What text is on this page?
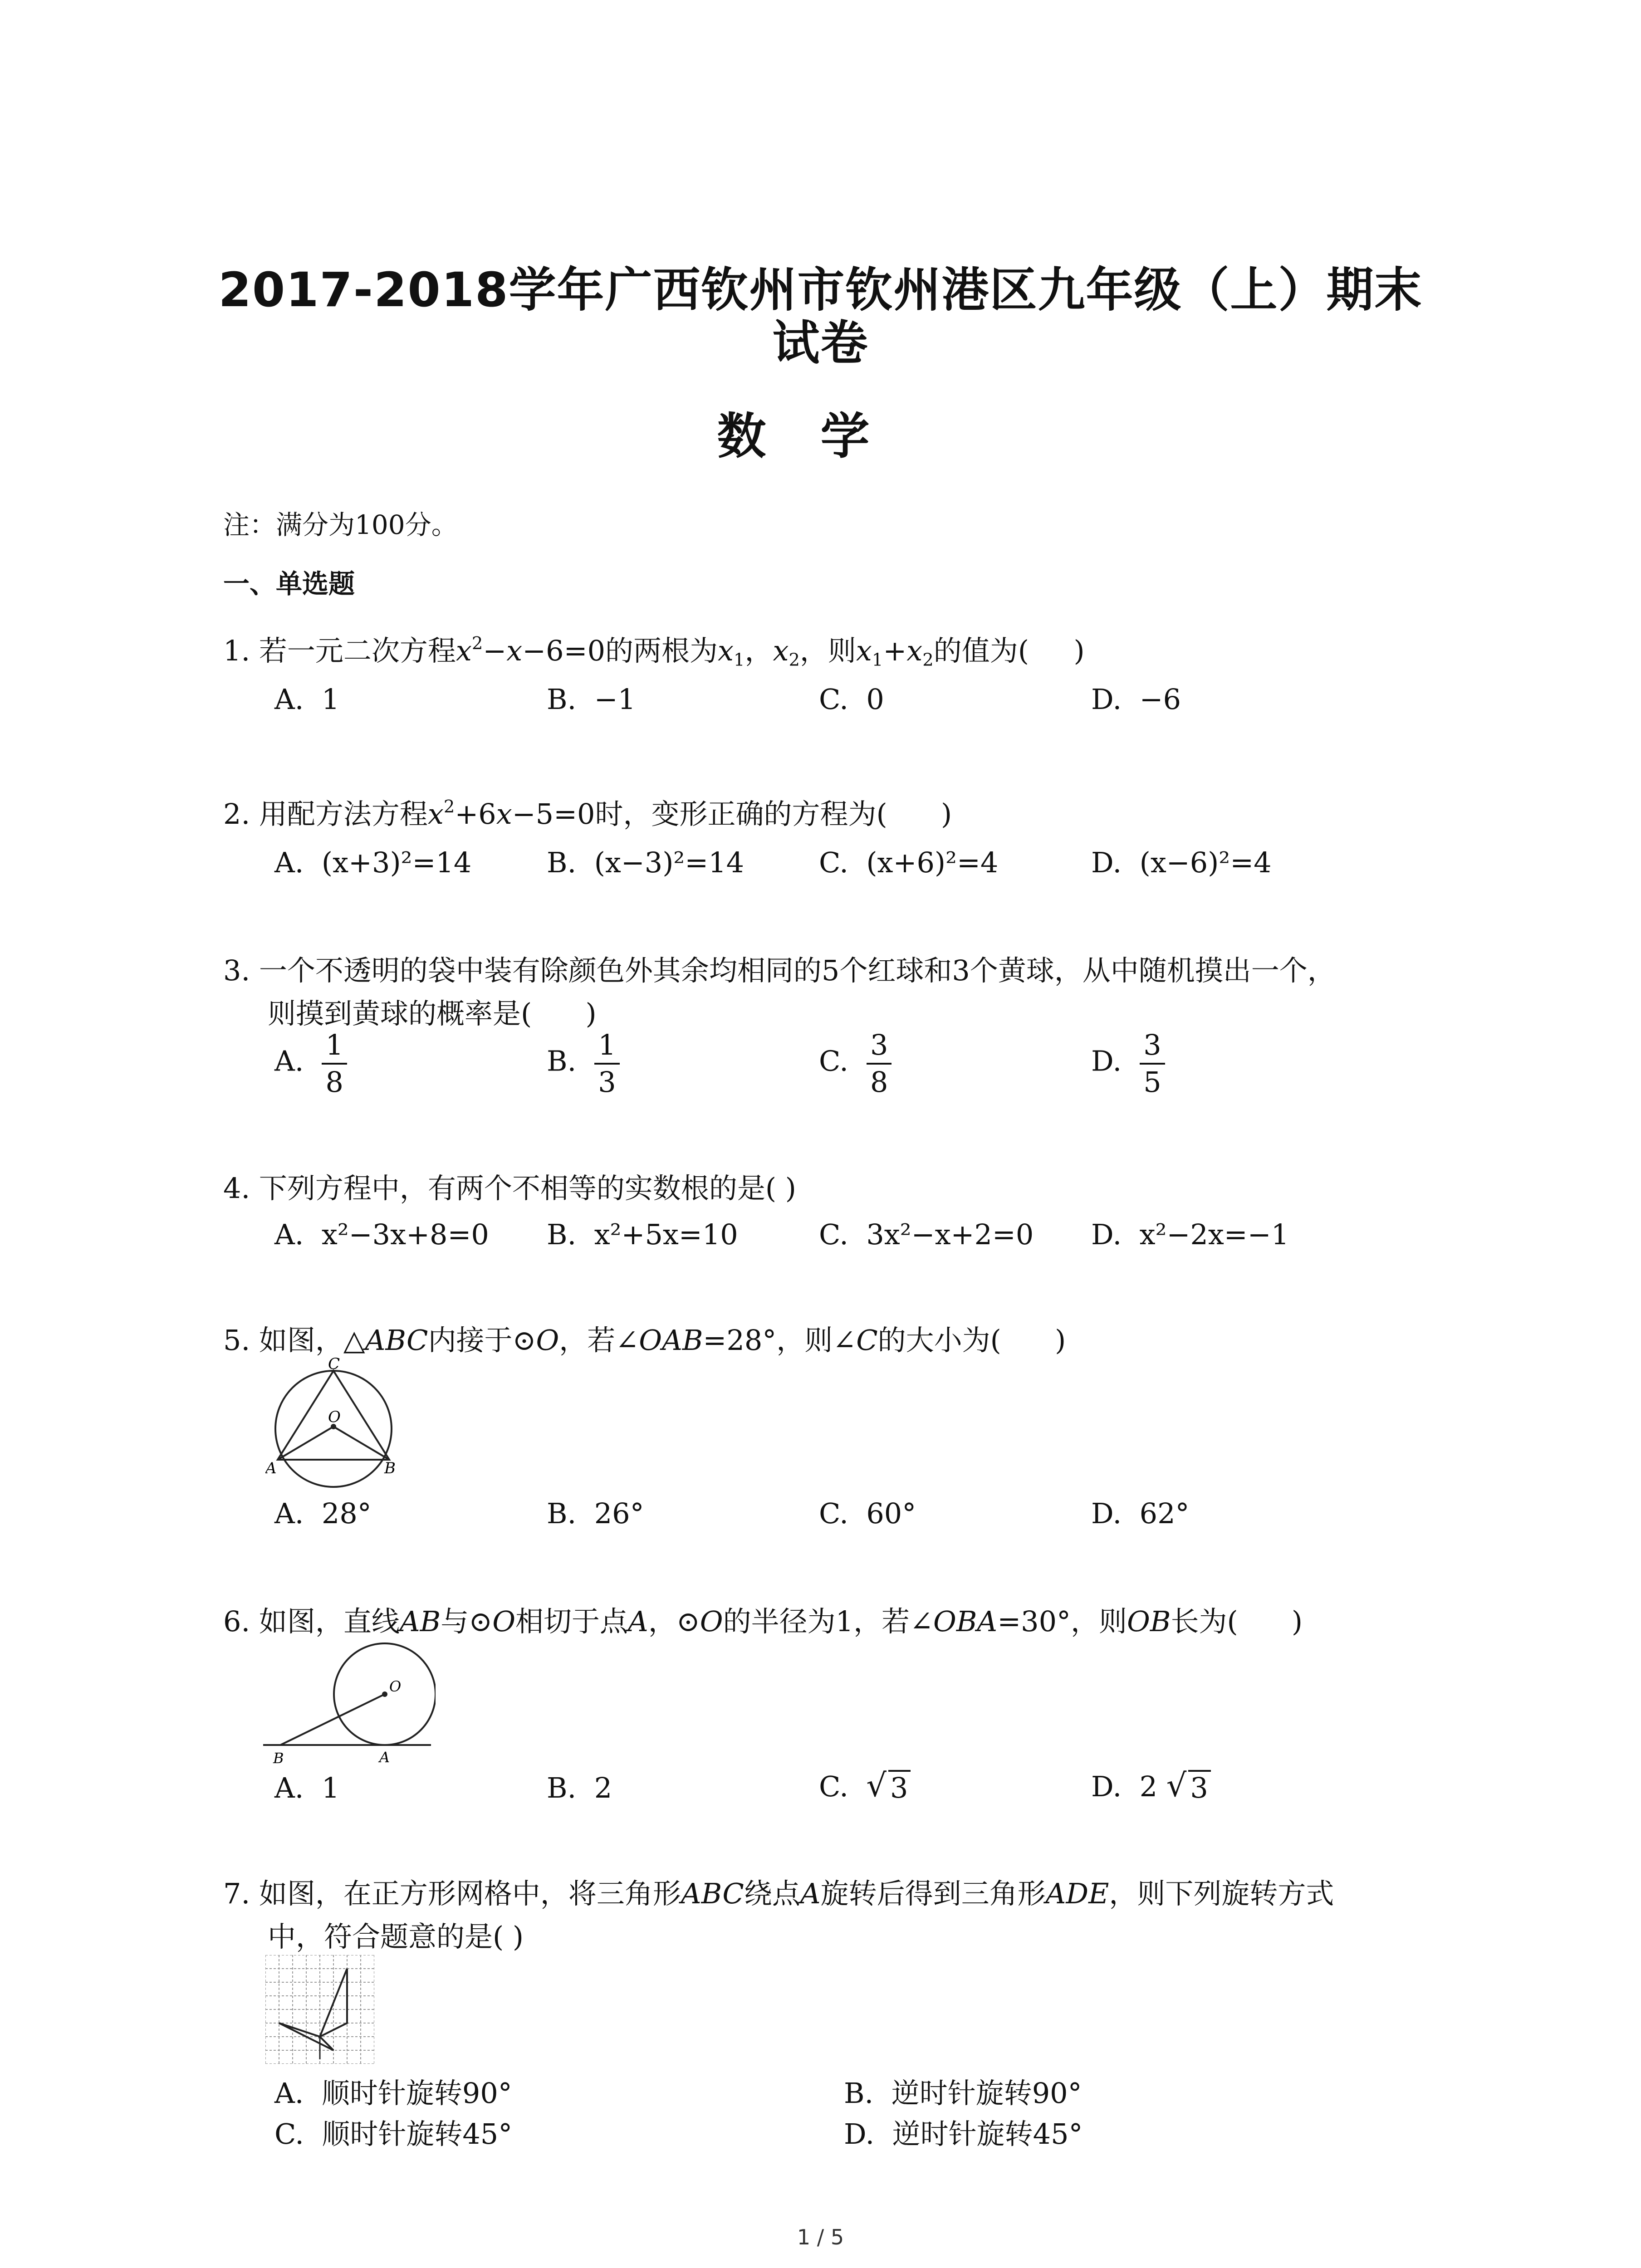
2017-2018学年广西钦州市钦州港区九年级（上）期末
试卷
数学
注：满分为100分。
一、单选题
1. 若一元二次方程$x^2-x-6=0$的两根为$x_1$，$x_2$，则$x_1+x_2$的值为( )
A.  1	B.  −1	C.  0	D.  −6
2. 用配方法方程$x^2+6x-5=0$时，变形正确的方程为( )
A.  (x+3)²=14	B.  (x−3)²=14	C.  (x+6)²=4	D.  (x−6)²=4
3. 一个不透明的袋中装有除颜色外其余均相同的5个红球和3个黄球，从中随机摸出一个，
则摸到黄球的概率是( )
A. $\frac{1}{8}$	B. $\frac{1}{3}$	C. $\frac{3}{8}$	D. $\frac{3}{5}$
4. 下列方程中，有两个不相等的实数根的是( )
A.  x²−3x+8=0 B.  x²+5x=10	C.  3x²−x+2=0 D.  x²−2x=−1
5. 如图，△ABC内接于⊙O，若∠OAB=28°，则∠C的大小为( )
C
O
A	B
A.  28°	B.  26°	C.  60°	D.  62°
6. 如图，直线AB与⊙O相切于点A，⊙O的半径为1，若∠OBA=30°，则OB长为( )
O
B	A
A.  1	B.  2	C. √ 3	D.  2 √ 3
7. 如图，在正方形网格中，将三角形ABC绕点A旋转后得到三角形ADE，则下列旋转方式
中，符合题意的是( )
A.  顺时针旋转90°	B.  逆时针旋转90°
C.  顺时针旋转45°	D.  逆时针旋转45°
1 / 5
